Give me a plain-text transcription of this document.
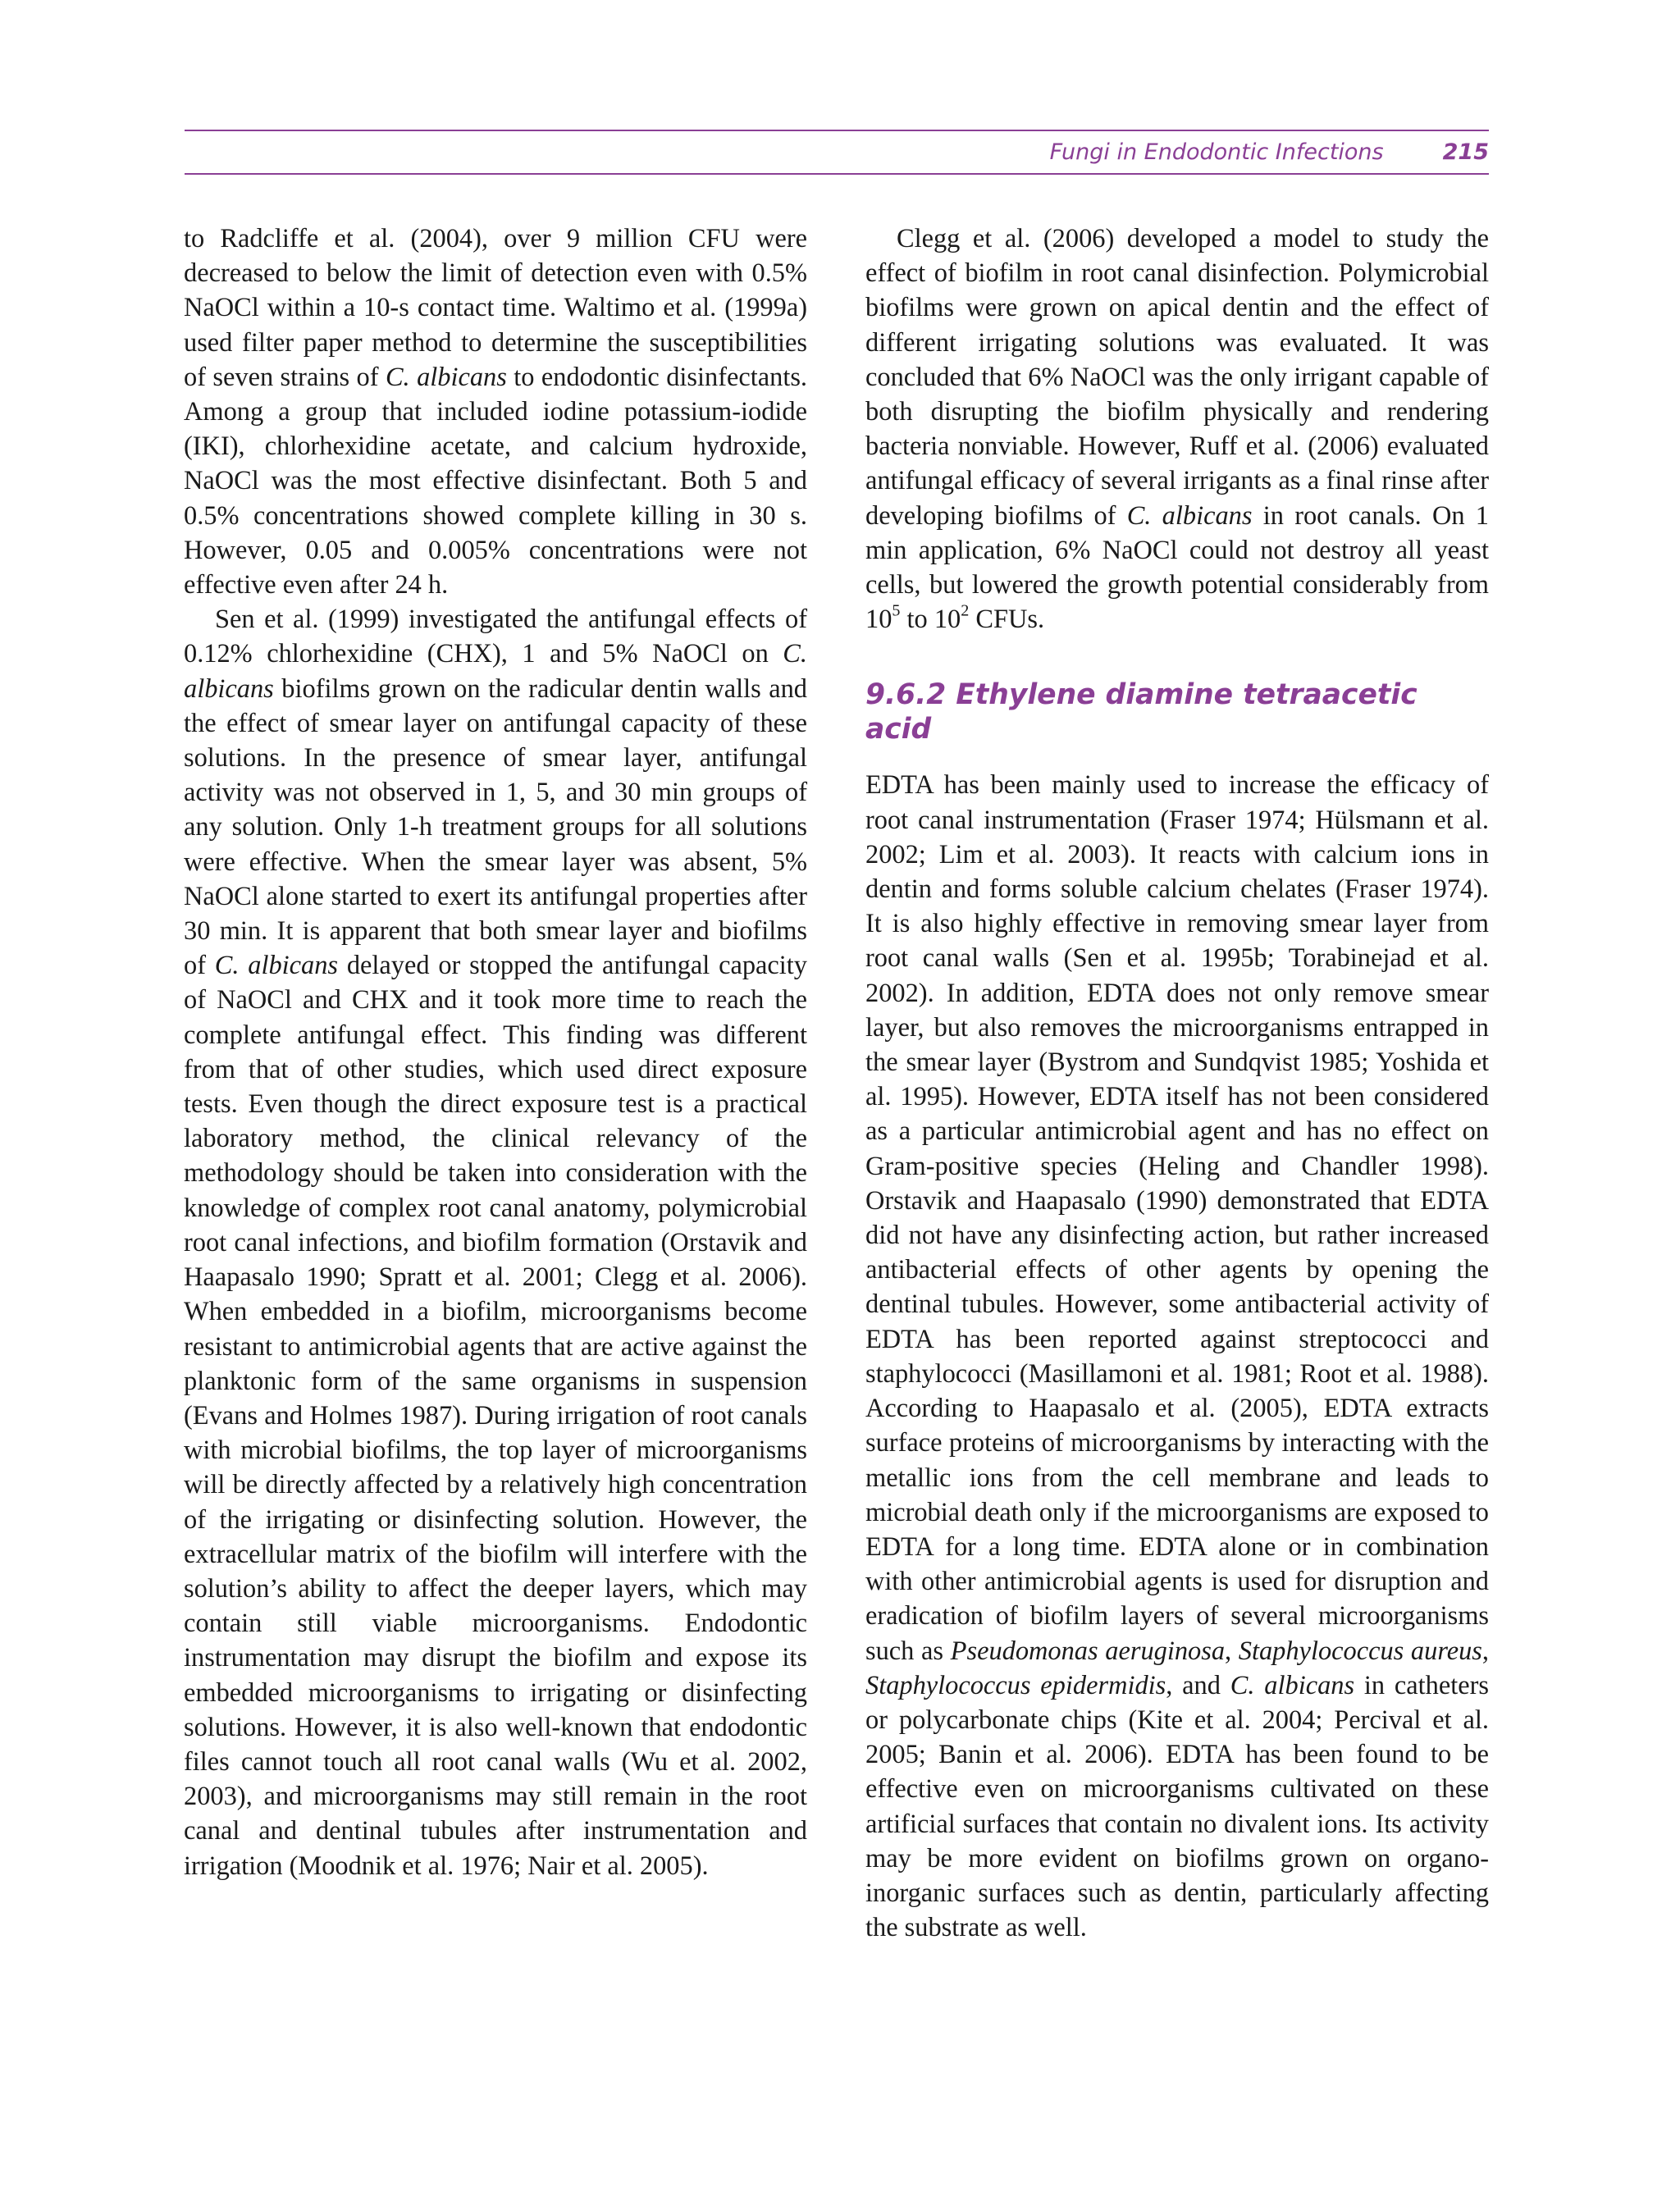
Fungi in Endodontic Infections	215

to Radcliffe et al. (2004), over 9 million CFU were decreased to below the limit of detection even with 0.5% NaOCl within a 10-s contact time. Waltimo et al. (1999a) used filter paper method to determine the susceptibilities of seven strains of C. albicans to endodontic disinfectants. Among a group that included iodine potassium-iodide (IKI), chlorhexidine acetate, and calcium hydroxide, NaOCl was the most effective disinfectant. Both 5 and 0.5% concentrations showed complete killing in 30 s. However, 0.05 and 0.005% concentrations were not effective even after 24 h.

Sen et al. (1999) investigated the antifungal effects of 0.12% chlorhexidine (CHX), 1 and 5% NaOCl on C. albicans biofilms grown on the radicular dentin walls and the effect of smear layer on antifungal capacity of these solutions. In the presence of smear layer, antifungal activity was not observed in 1, 5, and 30 min groups of any solution. Only 1-h treatment groups for all solutions were effective. When the smear layer was absent, 5% NaOCl alone started to exert its antifungal properties after 30 min. It is apparent that both smear layer and biofilms of C. albicans delayed or stopped the antifungal capacity of NaOCl and CHX and it took more time to reach the complete antifungal effect. This finding was different from that of other studies, which used direct exposure tests. Even though the direct exposure test is a practical laboratory method, the clinical relevancy of the methodology should be taken into consideration with the knowledge of complex root canal anatomy, polymicrobial root canal infections, and biofilm formation (Orstavik and Haapasalo 1990; Spratt et al. 2001; Clegg et al. 2006). When embedded in a biofilm, microorganisms become resistant to antimicrobial agents that are active against the planktonic form of the same organisms in suspension (Evans and Holmes 1987). During irrigation of root canals with microbial biofilms, the top layer of microorganisms will be directly affected by a relatively high concentration of the irrigating or disinfecting solution. However, the extracellular matrix of the biofilm will interfere with the solution’s ability to affect the deeper layers, which may contain still viable microorganisms. Endodontic instrumentation may disrupt the biofilm and expose its embedded microorganisms to irrigating or disinfecting solutions. However, it is also well-known that endodontic files cannot touch all root canal walls (Wu et al. 2002, 2003), and microorganisms may still remain in the root canal and dentinal tubules after instrumentation and irrigation (Moodnik et al. 1976; Nair et al. 2005).

Clegg et al. (2006) developed a model to study the effect of biofilm in root canal disinfection. Polymicrobial biofilms were grown on apical dentin and the effect of different irrigating solutions was evaluated. It was concluded that 6% NaOCl was the only irrigant capable of both disrupting the biofilm physically and rendering bacteria nonviable. However, Ruff et al. (2006) evaluated antifungal efficacy of several irrigants as a final rinse after developing biofilms of C. albicans in root canals. On 1 min application, 6% NaOCl could not destroy all yeast cells, but lowered the growth potential considerably from $10^5$ to $10^2$ CFUs.

9.6.2 Ethylene diamine tetraacetic acid

EDTA has been mainly used to increase the efficacy of root canal instrumentation (Fraser 1974; Hülsmann et al. 2002; Lim et al. 2003). It reacts with calcium ions in dentin and forms soluble calcium chelates (Fraser 1974). It is also highly effective in removing smear layer from root canal walls (Sen et al. 1995b; Torabinejad et al. 2002). In addition, EDTA does not only remove smear layer, but also removes the microorganisms entrapped in the smear layer (Bystrom and Sundqvist 1985; Yoshida et al. 1995). However, EDTA itself has not been considered as a particular antimicrobial agent and has no effect on Gram-positive species (Heling and Chandler 1998). Orstavik and Haapasalo (1990) demonstrated that EDTA did not have any disinfecting action, but rather increased antibacterial effects of other agents by opening the dentinal tubules. However, some antibacterial activity of EDTA has been reported against streptococci and staphylococci (Masillamoni et al. 1981; Root et al. 1988). According to Haapasalo et al. (2005), EDTA extracts surface proteins of microorganisms by interacting with the metallic ions from the cell membrane and leads to microbial death only if the microorganisms are exposed to EDTA for a long time. EDTA alone or in combination with other antimicrobial agents is used for disruption and eradication of biofilm layers of several microorganisms such as Pseudomonas aeruginosa, Staphylococcus aureus, Staphylococcus epidermidis, and C. albicans in catheters or polycarbonate chips (Kite et al. 2004; Percival et al. 2005; Banin et al. 2006). EDTA has been found to be effective even on microorganisms cultivated on these artificial surfaces that contain no divalent ions. Its activity may be more evident on biofilms grown on organo-inorganic surfaces such as dentin, particularly affecting the substrate as well.
